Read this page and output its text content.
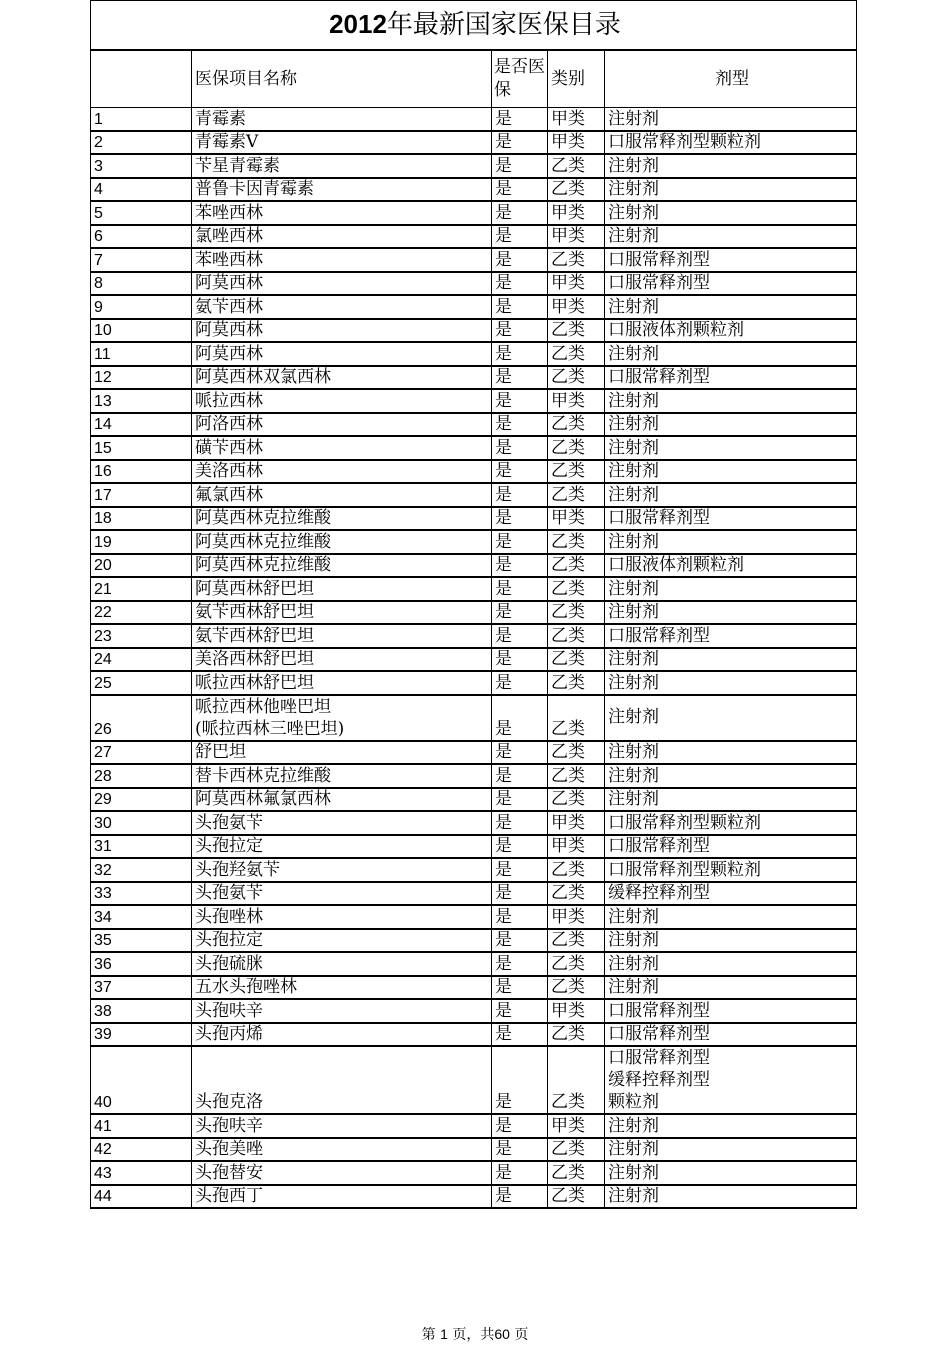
2012年最新国家医保目录				
	医保项目名称	是否医保	类别	剂型
1	青霉素	是	甲类	注射剂
2	青霉素V	是	甲类	口服常释剂型颗粒剂
3	苄星青霉素	是	乙类	注射剂
4	普鲁卡因青霉素	是	乙类	注射剂
5	苯唑西林	是	甲类	注射剂
6	氯唑西林	是	甲类	注射剂
7	苯唑西林	是	乙类	口服常释剂型
8	阿莫西林	是	甲类	口服常释剂型
9	氨苄西林	是	甲类	注射剂
10	阿莫西林	是	乙类	口服液体剂颗粒剂
11	阿莫西林	是	乙类	注射剂
12	阿莫西林双氯西林	是	乙类	口服常释剂型
13	哌拉西林	是	甲类	注射剂
14	阿洛西林	是	乙类	注射剂
15	磺苄西林	是	乙类	注射剂
16	美洛西林	是	乙类	注射剂
17	氟氯西林	是	乙类	注射剂
18	阿莫西林克拉维酸	是	甲类	口服常释剂型
19	阿莫西林克拉维酸	是	乙类	注射剂
20	阿莫西林克拉维酸	是	乙类	口服液体剂颗粒剂
21	阿莫西林舒巴坦	是	乙类	注射剂
22	氨苄西林舒巴坦	是	乙类	注射剂
23	氨苄西林舒巴坦	是	乙类	口服常释剂型
24	美洛西林舒巴坦	是	乙类	注射剂
25	哌拉西林舒巴坦	是	乙类	注射剂
26	哌拉西林他唑巴坦
(哌拉西林三唑巴坦)	是	乙类	注射剂
27	舒巴坦	是	乙类	注射剂
28	替卡西林克拉维酸	是	乙类	注射剂
29	阿莫西林氟氯西林	是	乙类	注射剂
30	头孢氨苄	是	甲类	口服常释剂型颗粒剂
31	头孢拉定	是	甲类	口服常释剂型
32	头孢羟氨苄	是	乙类	口服常释剂型颗粒剂
33	头孢氨苄	是	乙类	缓释控释剂型
34	头孢唑林	是	甲类	注射剂
35	头孢拉定	是	乙类	注射剂
36	头孢硫脒	是	乙类	注射剂
37	五水头孢唑林	是	乙类	注射剂
38	头孢呋辛	是	甲类	口服常释剂型
39	头孢丙烯	是	乙类	口服常释剂型
40	头孢克洛	是	乙类	口服常释剂型
缓释控释剂型
颗粒剂
41	头孢呋辛	是	甲类	注射剂
42	头孢美唑	是	乙类	注射剂
43	头孢替安	是	乙类	注射剂
44	头孢西丁	是	乙类	注射剂
第 1 页，共60 页
